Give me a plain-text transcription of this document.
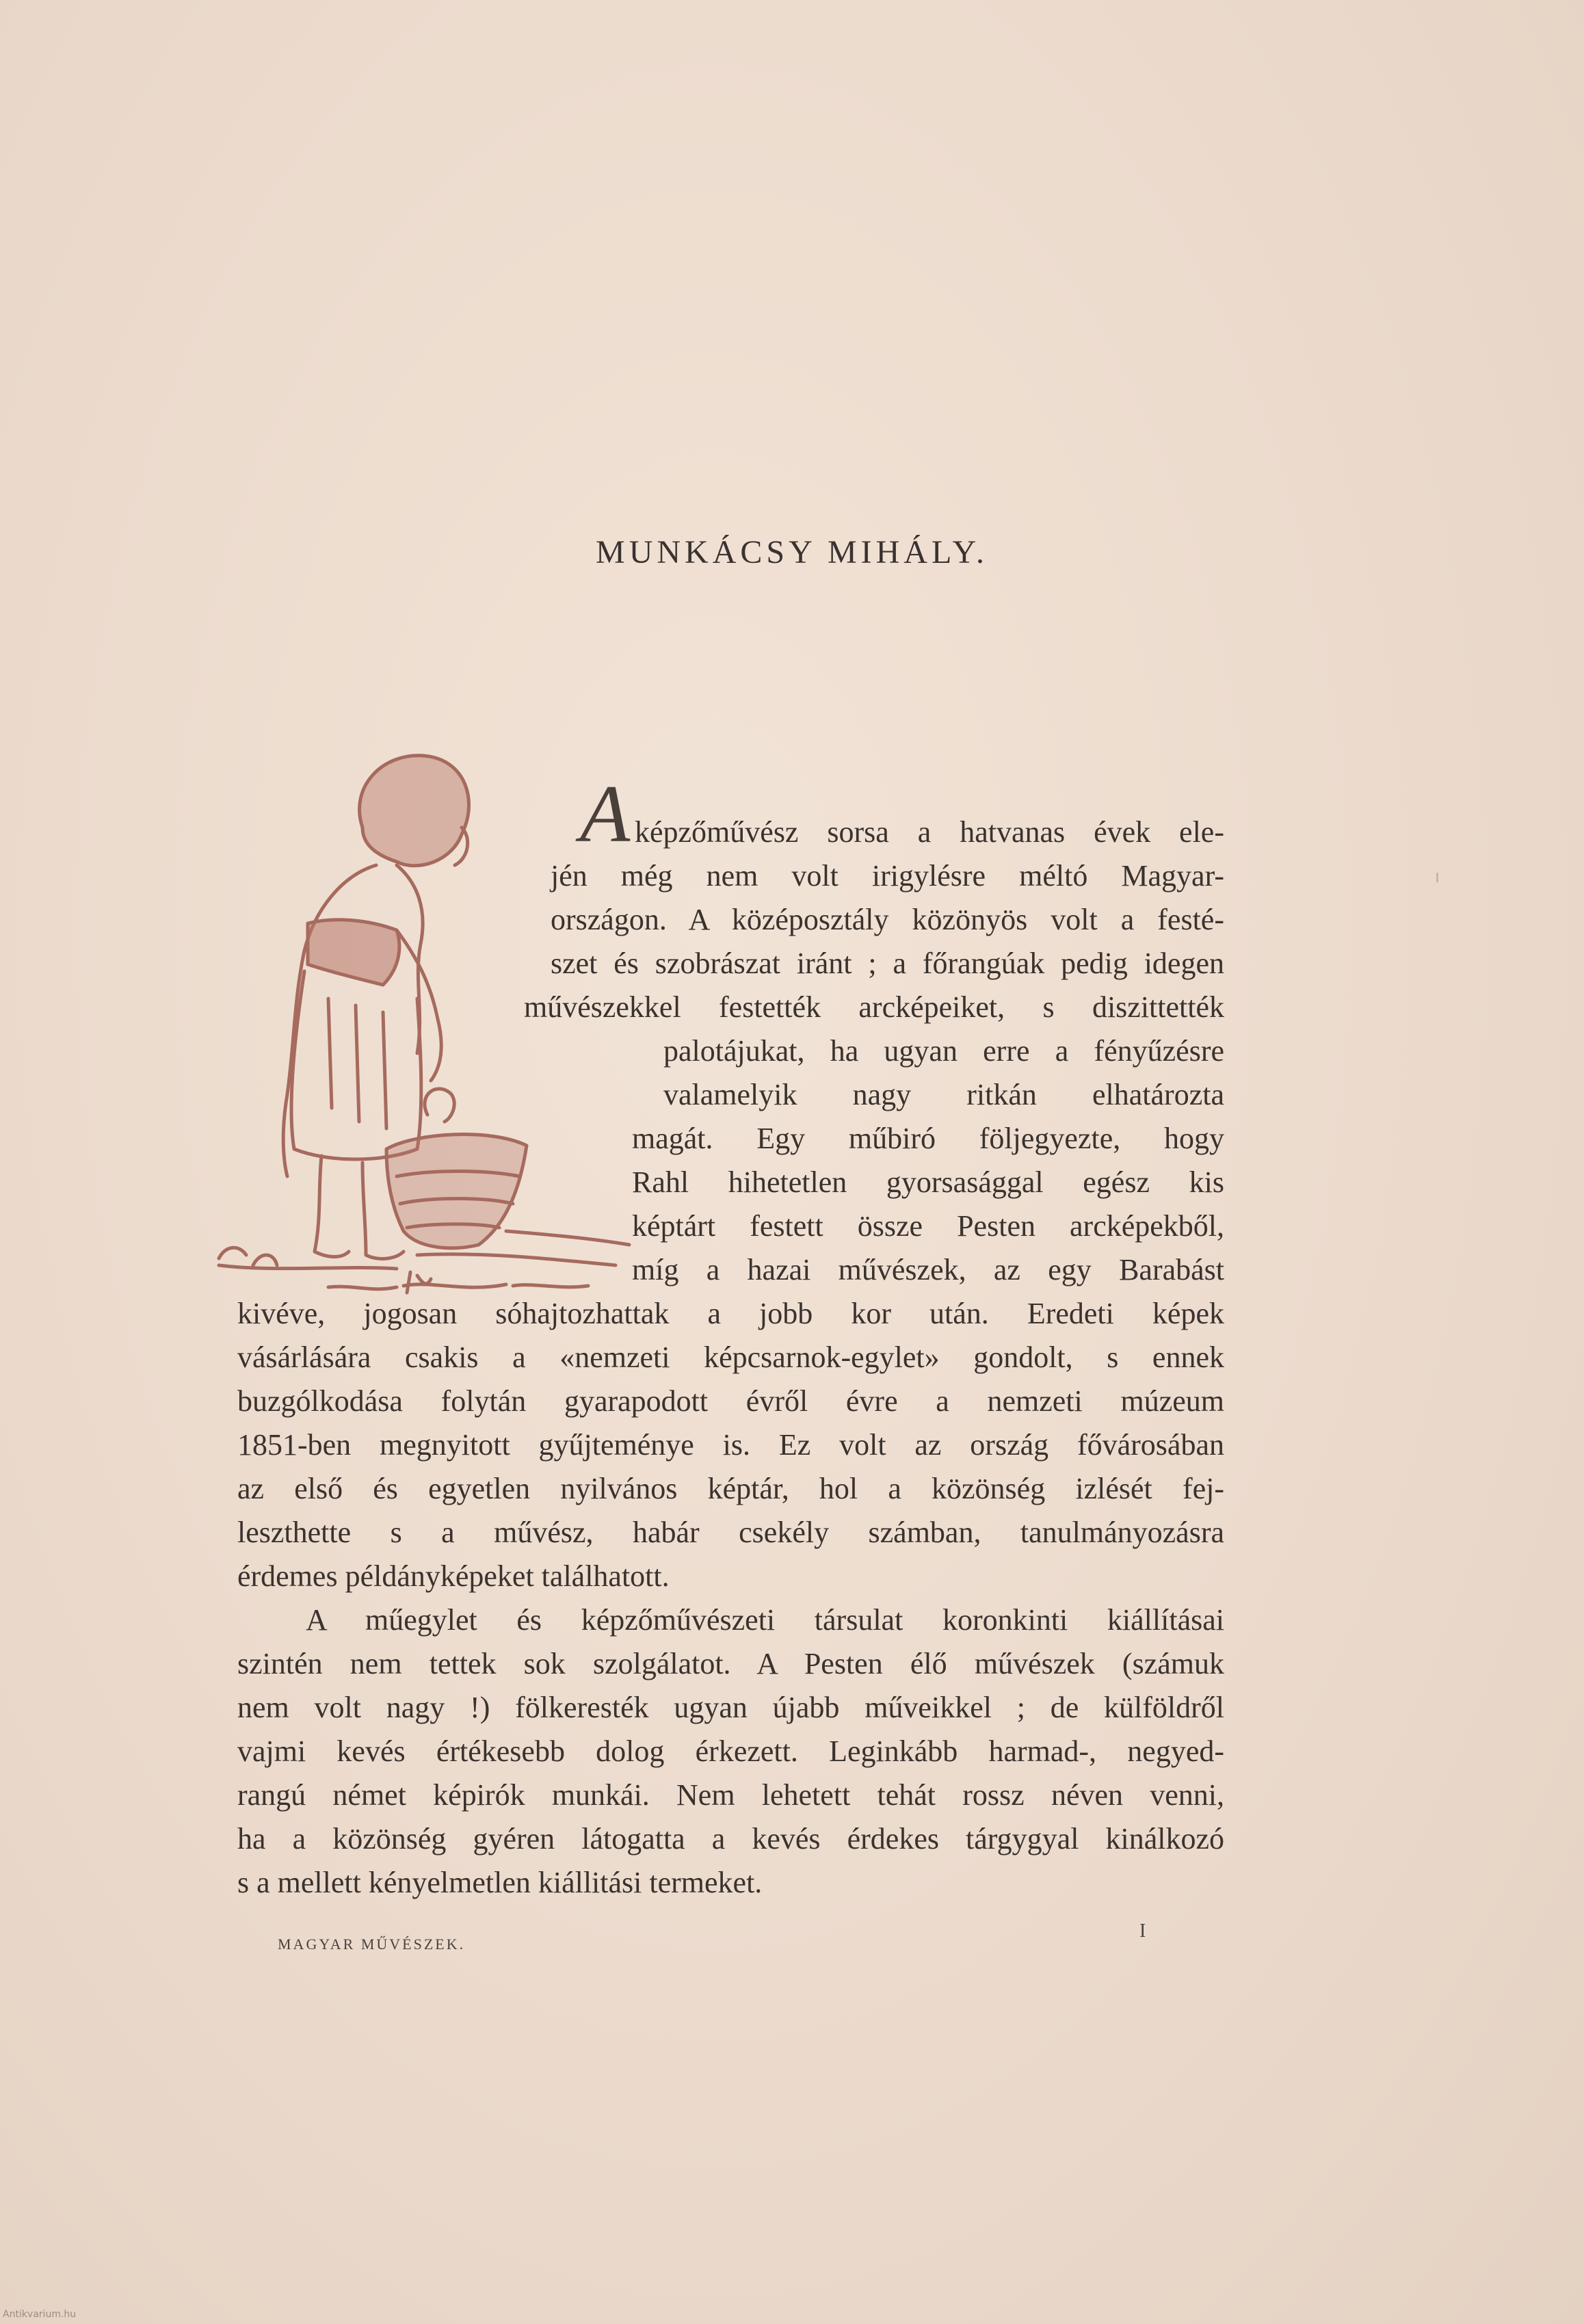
MUNKÁCSY MIHÁLY.
A képzőművész sorsa a hatvanas évek ele-
jén még nem volt irigylésre méltó Magyar-
országon. A középosztály közönyös volt a festé-
szet és szobrászat iránt ; a főrangúak pedig idegen
művészekkel festették arcképeiket, s diszittették
palotájukat, ha ugyan erre a fényűzésre
valamelyik nagy ritkán elhatározta
magát. Egy műbiró följegyezte, hogy
Rahl hihetetlen gyorsasággal egész kis
képtárt festett össze Pesten arcképekből,
míg a hazai művészek, az egy Barabást
kivéve, jogosan sóhajtozhattak a jobb kor után. Eredeti képek
vásárlására csakis a «nemzeti képcsarnok-egylet» gondolt, s ennek
buzgólkodása folytán gyarapodott évről évre a nemzeti múzeum
1851-ben megnyitott gyűjteménye is. Ez volt az ország fővárosában
az első és egyetlen nyilvános képtár, hol a közönség izlését fej-
leszthette s a művész, habár csekély számban, tanulmányozásra
érdemes példányképeket találhatott.
A műegylet és képzőművészeti társulat koronkinti kiállításai
szintén nem tettek sok szolgálatot. A Pesten élő művészek (számuk
nem volt nagy !) fölkeresték ugyan újabb műveikkel ; de külföldről
vajmi kevés értékesebb dolog érkezett. Leginkább harmad-, negyed-
rangú német képirók munkái. Nem lehetett tehát rossz néven venni,
ha a közönség gyéren látogatta a kevés érdekes tárgygyal kinálkozó
s a mellett kényelmetlen kiállitási termeket.
MAGYAR MŰVÉSZEK.
I
Antikvarium.hu
